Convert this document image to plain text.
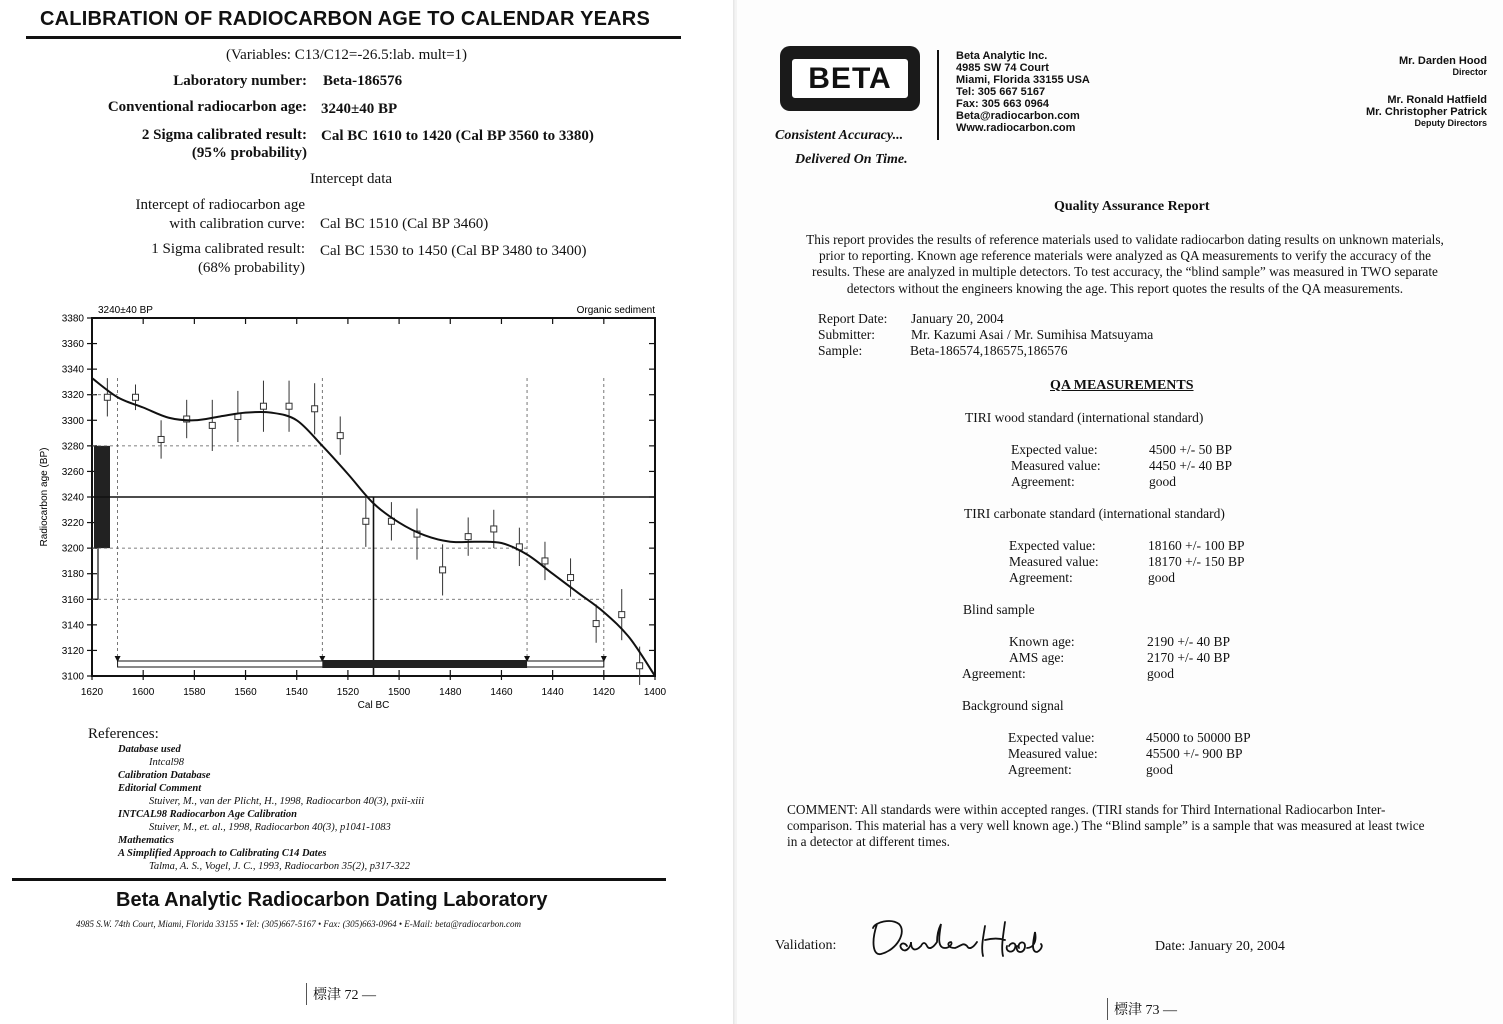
CALIBRATION OF RADIOCARBON AGE TO CALENDAR YEARS
(Variables: C13/C12=-26.5:lab. mult=1)
Laboratory number: Beta-186576
Conventional radiocarbon age: 3240±40 BP
2 Sigma calibrated result:
(95% probability)
Cal BC 1610 to 1420 (Cal BP 3560 to 3380)
Intercept data
Intercept of radiocarbon age
with calibration curve: Cal BC 1510 (Cal BP 3460)
1 Sigma calibrated result:
(68% probability)
Cal BC 1530 to 1450 (Cal BP 3480 to 3400)
3100
3120
3140
3160
3180
3200
3220
3240
3260
3280
3300
3320
3340
3360
3380
1620	1600	1580	1560	1540	1520	1500	1480	1460	1440	1420	1400
Cal BC
Radiocarbon age (BP)
3240±40 BP	Organic sediment
References:
Database used
Intcal98
Calibration Database
Editorial Comment
Stuiver, M., van der Plicht, H., 1998, Radiocarbon 40(3), pxii-xiii
INTCAL98 Radiocarbon Age Calibration
Stuiver, M., et. al., 1998, Radiocarbon 40(3), p1041-1083
Mathematics
A Simplified Approach to Calibrating C14 Dates
Talma, A. S., Vogel, J. C., 1993, Radiocarbon 35(2), p317-322
Beta Analytic Radiocarbon Dating Laboratory
4985 S.W. 74th Court, Miami, Florida 33155 • Tel: (305)667-5167 • Fax: (305)663-0964 • E-Mail: beta@radiocarbon.com
標津 72 —
BETA
Consistent Accuracy...
Delivered On Time.
Beta Analytic Inc.
4985 SW 74 Court
Miami, Florida 33155 USA
Tel: 305 667 5167
Fax: 305 663 0964
Beta@radiocarbon.com
Www.radiocarbon.com
Mr. Darden Hood
Director
Mr. Ronald Hatfield
Mr. Christopher Patrick
Deputy Directors
Quality Assurance Report
This report provides the results of reference materials used to validate radiocarbon dating results on unknown materials,
prior to reporting. Known age reference materials were analyzed as QA measurements to verify the accuracy of the
results. These are analyzed in multiple detectors. To test accuracy, the “blind sample” was measured in TWO separate
detectors without the engineers knowing the age. This report quotes the results of the QA measurements.
Report Date: January 20, 2004
Submitter:	Mr. Kazumi Asai / Mr. Sumihisa Matsuyama
Sample:	Beta-186574,186575,186576
QA MEASUREMENTS
TIRI wood standard (international standard)
Expected value:	4500 +/- 50 BP
Measured value:	4450 +/- 40 BP
Agreement:	good
TIRI carbonate standard (international standard)
Expected value:	18160 +/- 100 BP
Measured value:	18170 +/- 150 BP
Agreement:	good
Blind sample
Known age:	2190 +/- 40 BP
AMS age:	2170 +/- 40 BP
Agreement:	good
Background signal
Expected value:	45000 to 50000 BP
Measured value:	45500 +/- 900 BP
Agreement:	good
COMMENT: All standards were within accepted ranges. (TIRI stands for Third International Radiocarbon Inter-
comparison. This material has a very well known age.) The “Blind sample” is a sample that was measured at least twice
in a detector at different times.
Validation:	Date: January 20, 2004
標津 73 —
